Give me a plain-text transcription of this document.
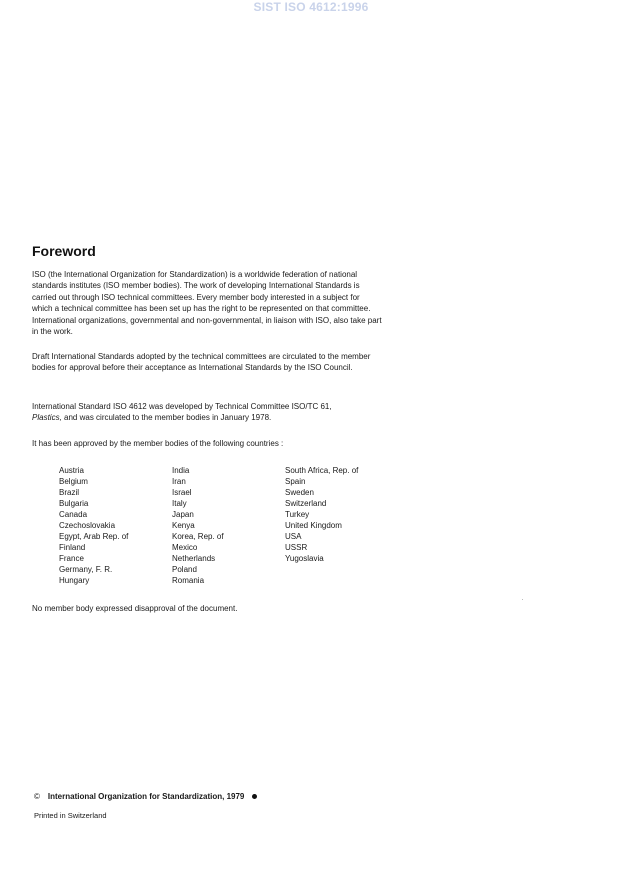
SIST ISO 4612:1996
Foreword
ISO (the International Organization for Standardization) is a worldwide federation of national standards institutes (ISO member bodies). The work of developing International Standards is carried out through ISO technical committees. Every member body interested in a subject for which a technical committee has been set up has the right to be represented on that committee. International organizations, governmental and non-governmental, in liaison with ISO, also take part in the work.
Draft International Standards adopted by the technical committees are circulated to the member bodies for approval before their acceptance as International Standards by the ISO Council.
International Standard ISO 4612 was developed by Technical Committee ISO/TC 61,
Plastics, and was circulated to the member bodies in January 1978.
It has been approved by the member bodies of the following countries :
Austria
Belgium
Brazil
Bulgaria
Canada
Czechoslovakia
Egypt, Arab Rep. of
Finland
France
Germany, F. R.
Hungary
India
Iran
Israel
Italy
Japan
Kenya
Korea, Rep. of
Mexico
Netherlands
Poland
Romania
South Africa, Rep. of
Spain
Sweden
Switzerland
Turkey
United Kingdom
USA
USSR
Yugoslavia
No member body expressed disapproval of the document.
© International Organization for Standardization, 1979
Printed in Switzerland
